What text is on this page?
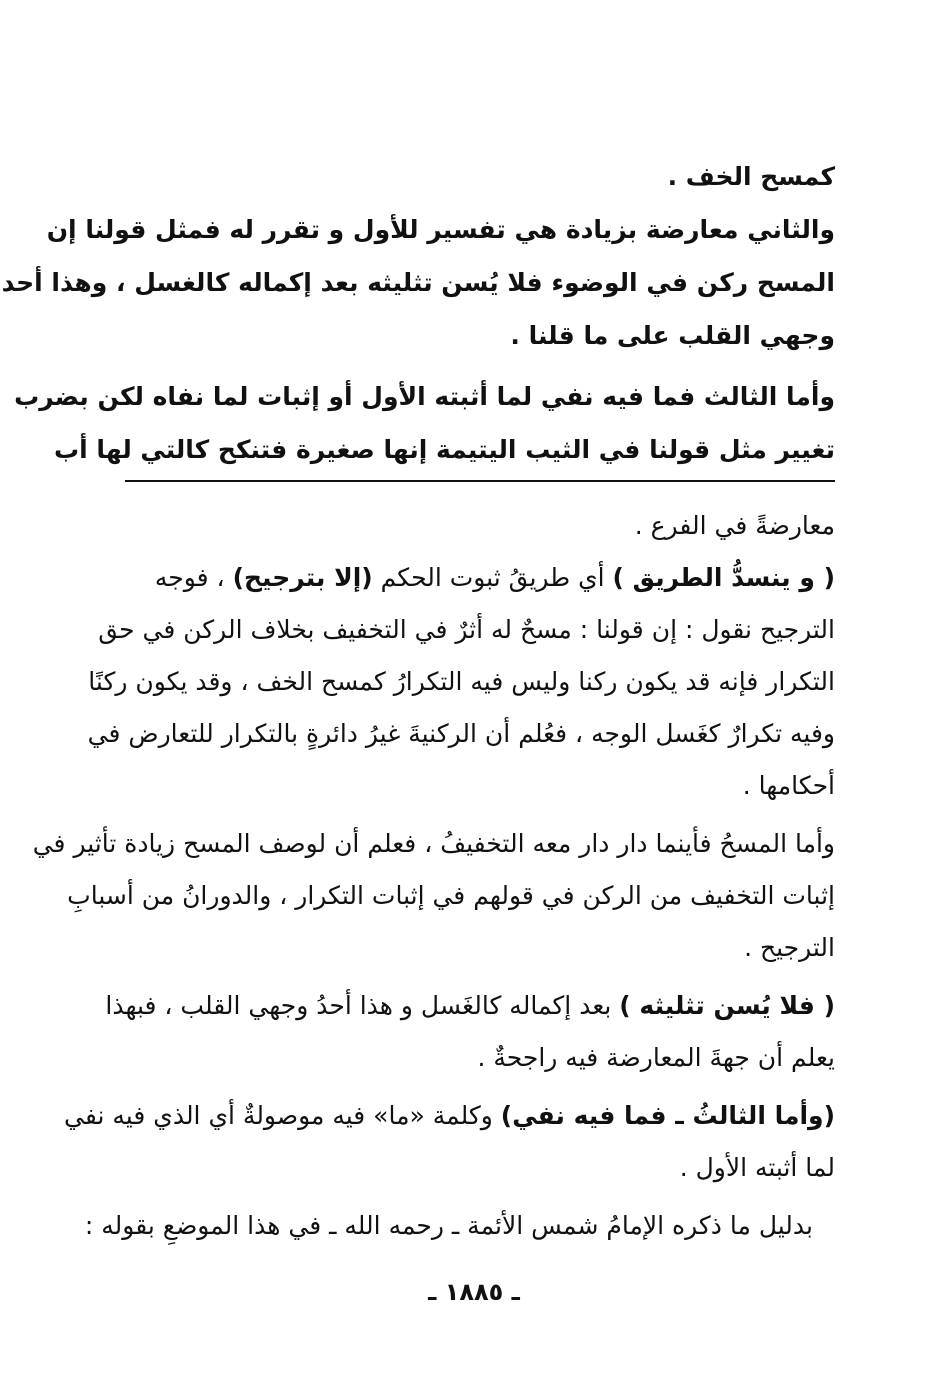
كمسح الخف .
والثاني معارضة بزيادة هي تفسير للأول و تقرر له فمثل قولنا إن
المسح ركن في الوضوء فلا يُسن تثليثه بعد إكماله كالغسل ، وهذا أحد
وجهي القلب على ما قلنا .
وأما الثالث فما فيه نفي لما أثبته الأول أو إثبات لما نفاه لكن بضرب
تغيير مثل قولنا في الثيب اليتيمة إنها صغيرة فتنكح كالتي لها أب
معارضةً في الفرع .
( و ينسدُّ الطريق ) أي طريقُ ثبوت الحكم (إلا بترجيح) ، فوجه
الترجيح نقول : إن قولنا : مسحٌ له أثرٌ في التخفيف بخلاف الركن في حق
التكرار فإنه قد يكون ركنا وليس فيه التكرارُ كمسح الخف ، وقد يكون ركنًا
وفيه تكرارٌ كغَسل الوجه ، فعُلم أن الركنيةَ غيرُ دائرةٍ بالتكرار للتعارض في
أحكامها .
وأما المسحُ فأينما دار دار معه التخفيفُ ، فعلم أن لوصف المسح زيادة تأثير في
إثبات التخفيف من الركن في قولهم في إثبات التكرار ، والدورانُ من أسبابِ
الترجيح .
( فلا يُسن تثليثه ) بعد إكماله كالغَسل و هذا أحدُ وجهي القلب ، فبهذا
يعلم أن جهةَ المعارضة فيه راجحةٌ .
(وأما الثالثُ ـ فما فيه نفي) وكلمة «ما» فيه موصولةٌ أي الذي فيه نفي
لما أثبته الأول .
بدليل ما ذكره الإمامُ شمس الأئمة ـ رحمه الله ـ في هذا الموضعِ بقوله :
ـ ١٨٨٥ ـ
